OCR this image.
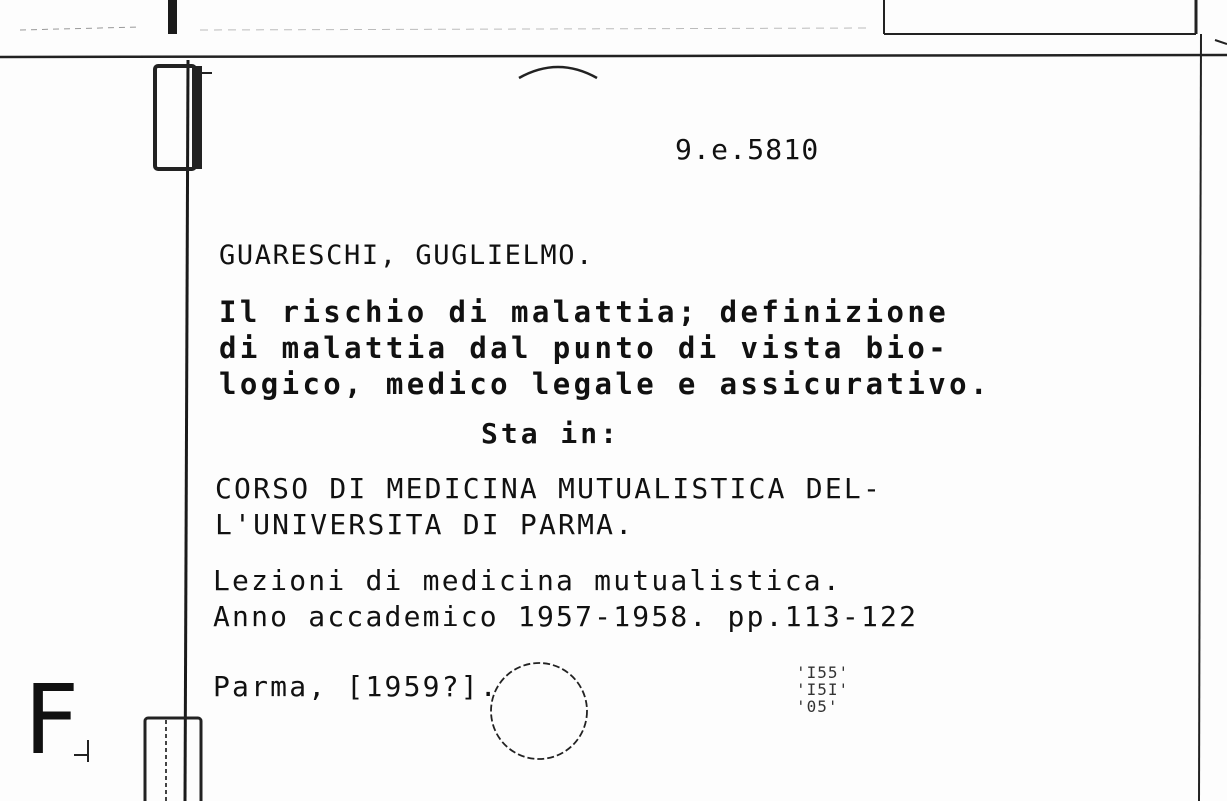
9.e.5810
GUARESCHI, GUGLIELMO.
Il rischio di malattia; definizione
di malattia dal punto di vista bio-
logico, medico legale e assicurativo.
Sta in:
CORSO DI MEDICINA MUTUALISTICA DEL-
L'UNIVERSITA DI PARMA.
Lezioni di medicina mutualistica.
Anno accademico 1957-1958. pp.113-122
Parma, [1959?].
F	'I55'
'I5I'
'05'
